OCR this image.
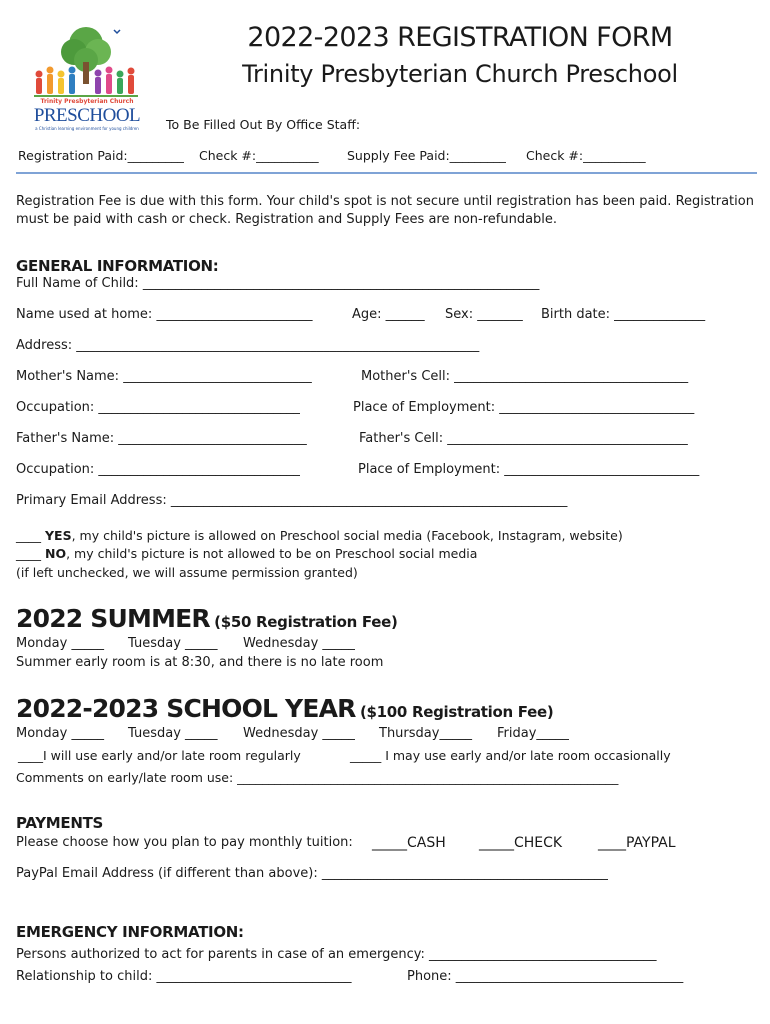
Trinity Presbyterian Church
PRESCHOOL
a Christian learning environment for young children
2022-2023 REGISTRATION FORM
Trinity Presbyterian Church Preschool
To Be Filled Out By Office Staff:
Registration Paid:_________ Check #:__________ Supply Fee Paid:_________ Check #:__________
Registration Fee is due with this form. Your child's spot is not secure until registration has been paid. Registration must be paid with cash or check. Registration and Supply Fees are non-refundable.
GENERAL INFORMATION:
Full Name of Child: _____________________________________________________________
Name used at home: ________________________	Age: ______ Sex: _______ Birth date: ______________
Address: ______________________________________________________________
Mother's Name: _____________________________	Mother's Cell: ____________________________________
Occupation: _______________________________	Place of Employment: ______________________________
Father's Name: _____________________________	Father's Cell: _____________________________________
Occupation: _______________________________	Place of Employment: ______________________________
Primary Email Address: _____________________________________________________________
____ YES, my child's picture is allowed on Preschool social media (Facebook, Instagram, website)
____ NO, my child's picture is not allowed to be on Preschool social media
(if left unchecked, we will assume permission granted)
2022 SUMMER ($50 Registration Fee)
Monday _____ Tuesday _____ Wednesday _____
Summer early room is at 8:30, and there is no late room
2022-2023 SCHOOL YEAR ($100 Registration Fee)
Monday _____ Tuesday _____ Wednesday _____ Thursday_____ Friday_____
____I will use early and/or late room regularly	_____ I may use early and/or late room occasionally
Comments on early/late room use: _____________________________________________________________
PAYMENTS
Please choose how you plan to pay monthly tuition: _____CASH _____CHECK	____PAYPAL
PayPal Email Address (if different than above): ____________________________________________
EMERGENCY INFORMATION:
Persons authorized to act for parents in case of an emergency: ___________________________________
Relationship to child: ______________________________	Phone: ___________________________________
